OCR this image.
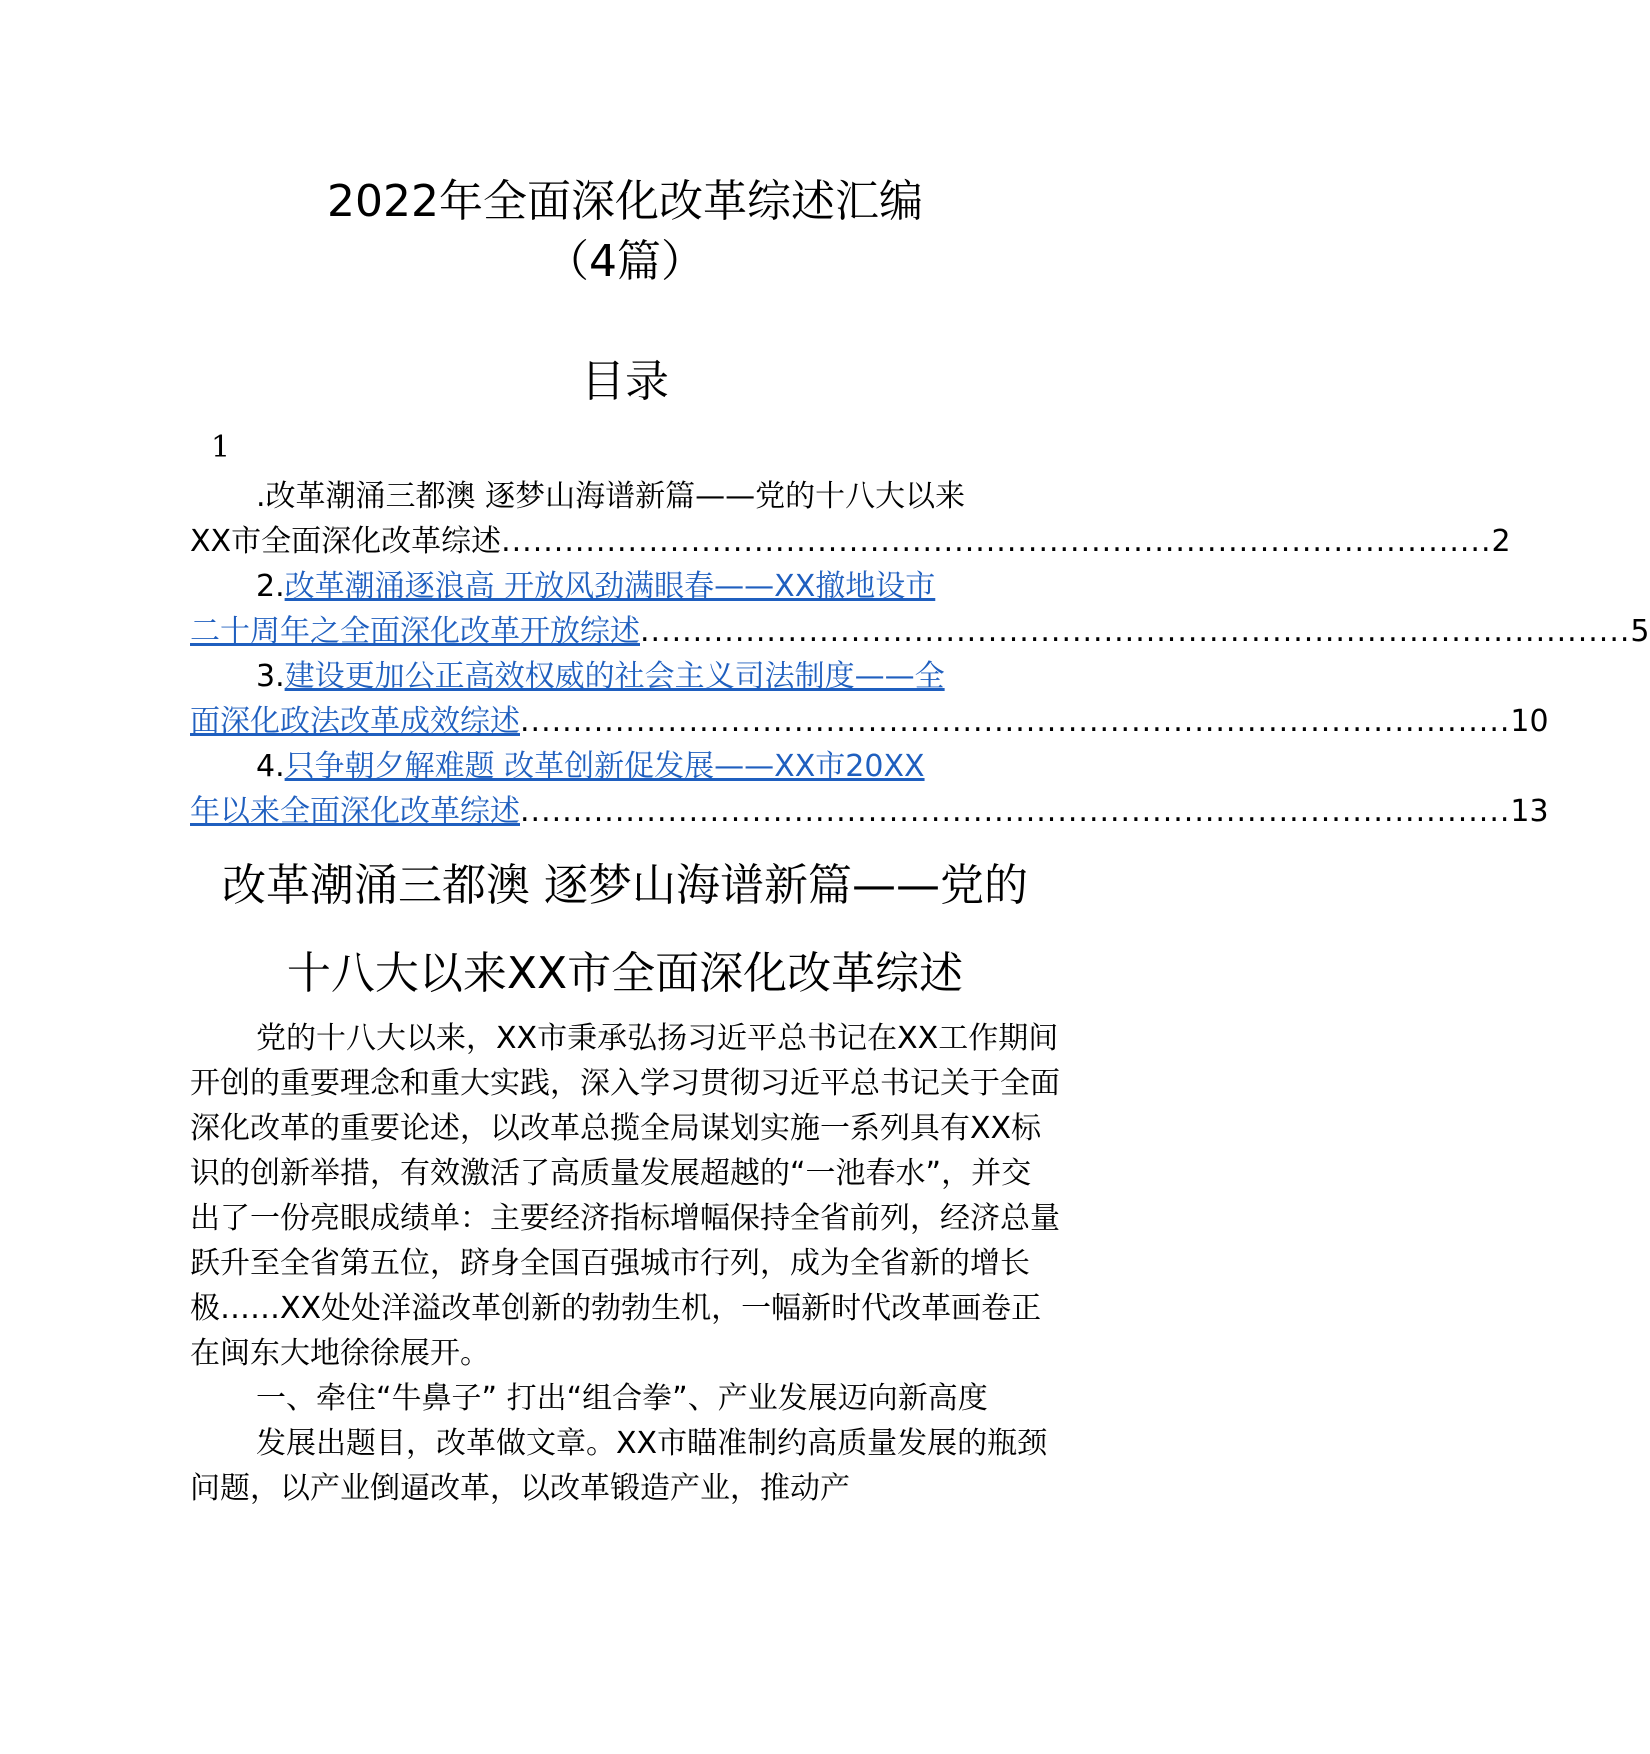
2022年全面深化改革综述汇编
（4篇）
目录
1
.改革潮涌三都澳 逐梦山海谱新篇——党的十八大以来
XX市全面深化改革综述 .............................................................................................. 2
2.改革潮涌逐浪高 开放风劲满眼春——XX撤地设市
二十周年之全面深化改革开放综述 .............................................................................................. 5
3.建设更加公正高效权威的社会主义司法制度——全
面深化政法改革成效综述 .............................................................................................. 10
4.只争朝夕解难题 改革创新促发展——XX市20XX
年以来全面深化改革综述 .............................................................................................. 13
改革潮涌三都澳 逐梦山海谱新篇——党的
十八大以来XX市全面深化改革综述

党的十八大以来，XX市秉承弘扬习近平总书记在XX工作期间开创的重要理念和重大实践，深入学习贯彻习近平总书记关于全面深化改革的重要论述，以改革总揽全局谋划实施一系列具有XX标识的创新举措，有效激活了高质量发展超越的“一池春水”，并交出了一份亮眼成绩单：主要经济指标增幅保持全省前列，经济总量跃升至全省第五位，跻身全国百强城市行列，成为全省新的增长极……XX处处洋溢改革创新的勃勃生机，一幅新时代改革画卷正在闽东大地徐徐展开。

一、牵住“牛鼻子” 打出“组合拳”、产业发展迈向新高度

发展出题目，改革做文章。XX市瞄准制约高质量发展的瓶颈问题，以产业倒逼改革，以改革锻造产业，推动产
